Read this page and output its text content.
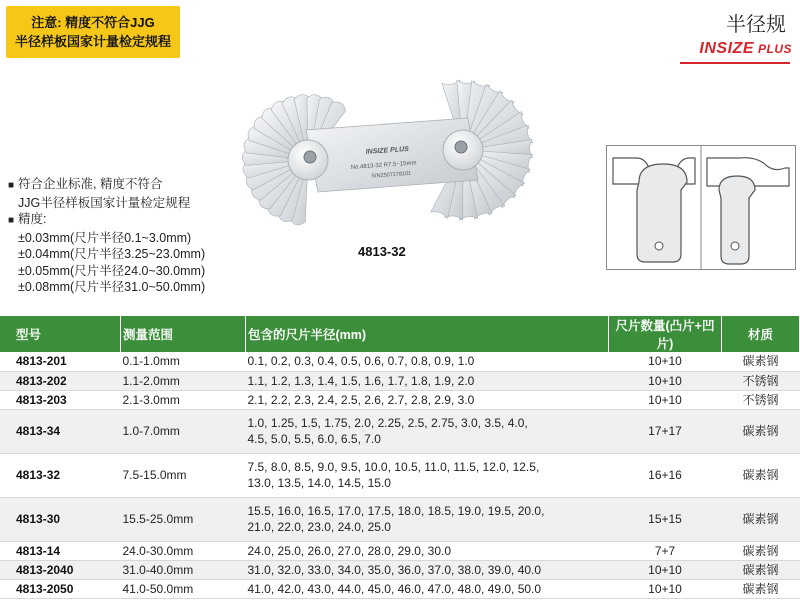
注意: 精度不符合JJG
半径样板国家计量检定规程
半径规
INSIZE PLUS
INSIZE PLUS
No.4813-32 R7.5~15mm
S/N2507178101
4813-32
■ 符合企业标准, 精度不符合
JJG半径样板国家计量检定规程
■ 精度:
±0.03mm(尺片半径0.1~3.0mm)
±0.04mm(尺片半径3.25~23.0mm)
±0.05mm(尺片半径24.0~30.0mm)
±0.08mm(尺片半径31.0~50.0mm)
型号	测量范围	包含的尺片半径(mm)	尺片数量(凸片+凹片)	材质
4813-201	0.1-1.0mm	0.1, 0.2, 0.3, 0.4, 0.5, 0.6, 0.7, 0.8, 0.9, 1.0	10+10	碳素钢
4813-202	1.1-2.0mm	1.1, 1.2, 1.3, 1.4, 1.5, 1.6, 1.7, 1.8, 1.9, 2.0	10+10	不锈钢
4813-203	2.1-3.0mm	2.1, 2.2, 2.3, 2.4, 2.5, 2.6, 2.7, 2.8, 2.9, 3.0	10+10	不锈钢
4813-34	1.0-7.0mm	1.0, 1.25, 1.5, 1.75, 2.0, 2.25, 2.5, 2.75, 3.0, 3.5, 4.0, 4.5, 5.0, 5.5, 6.0, 6.5, 7.0	17+17	碳素钢
4813-32	7.5-15.0mm	7.5, 8.0, 8.5, 9.0, 9.5, 10.0, 10.5, 11.0, 11.5, 12.0, 12.5, 13.0, 13.5, 14.0, 14.5, 15.0	16+16	碳素钢
4813-30	15.5-25.0mm	15.5, 16.0, 16.5, 17.0, 17.5, 18.0, 18.5, 19.0, 19.5, 20.0, 21.0, 22.0, 23.0, 24.0, 25.0	15+15	碳素钢
4813-14	24.0-30.0mm	24.0, 25.0, 26.0, 27.0, 28.0, 29.0, 30.0	7+7	碳素钢
4813-2040	31.0-40.0mm	31.0, 32.0, 33.0, 34.0, 35.0, 36.0, 37.0, 38.0, 39.0, 40.0	10+10	碳素钢
4813-2050	41.0-50.0mm	41.0, 42.0, 43.0, 44.0, 45.0, 46.0, 47.0, 48.0, 49.0, 50.0	10+10	碳素钢
